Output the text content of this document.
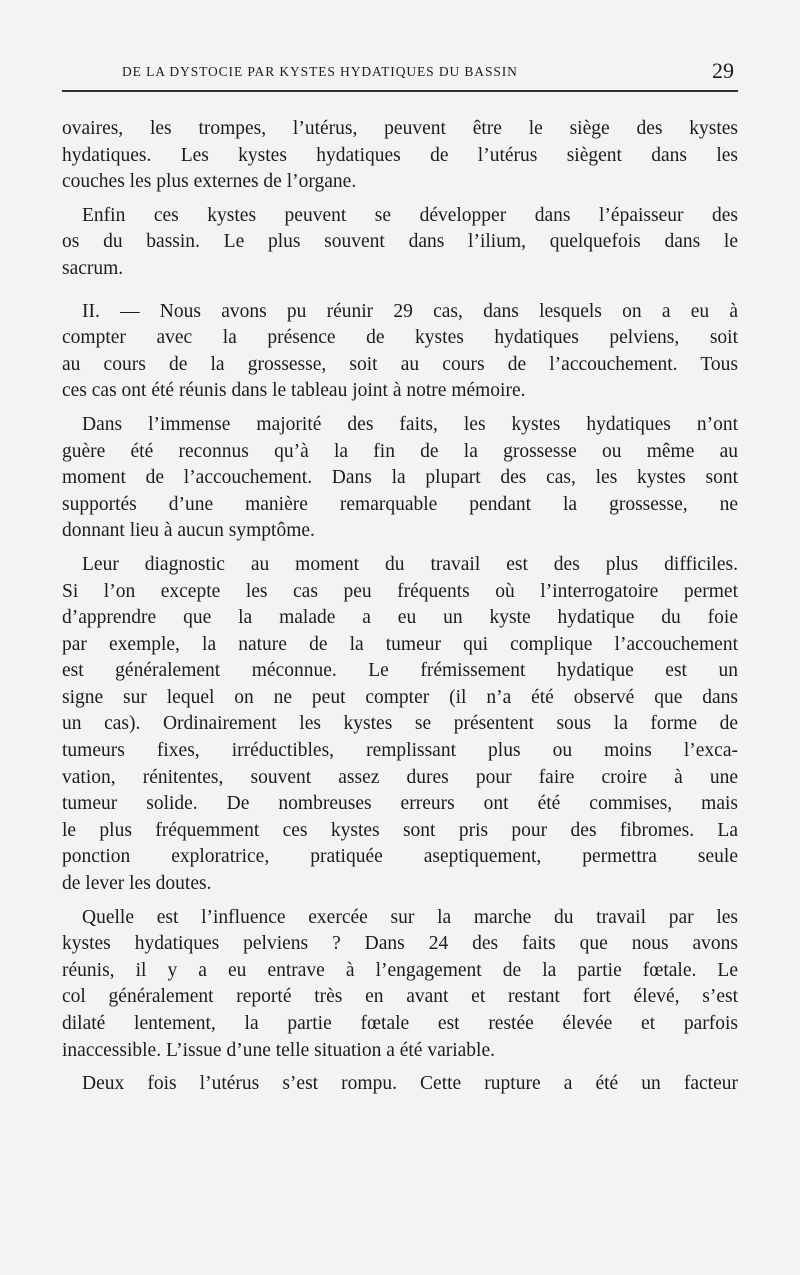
DE LA DYSTOCIE PAR KYSTES HYDATIQUES DU BASSIN	29
ovaires, les trompes, l’utérus, peuvent être le siège des kystes
hydatiques. Les kystes hydatiques de l’utérus siègent dans les
couches les plus externes de l’organe.
Enfin ces kystes peuvent se développer dans l’épaisseur des
os du bassin. Le plus souvent dans l’ilium, quelquefois dans le
sacrum.
II. — Nous avons pu réunir 29 cas, dans lesquels on a eu à
compter avec la présence de kystes hydatiques pelviens, soit
au cours de la grossesse, soit au cours de l’accouchement. Tous
ces cas ont été réunis dans le tableau joint à notre mémoire.
Dans l’immense majorité des faits, les kystes hydatiques n’ont
guère été reconnus qu’à la fin de la grossesse ou même au
moment de l’accouchement. Dans la plupart des cas, les kystes sont
supportés d’une manière remarquable pendant la grossesse, ne
donnant lieu à aucun symptôme.
Leur diagnostic au moment du travail est des plus difficiles.
Si l’on excepte les cas peu fréquents où l’interrogatoire permet
d’apprendre que la malade a eu un kyste hydatique du foie
par exemple, la nature de la tumeur qui complique l’accouchement
est généralement méconnue. Le frémissement hydatique est un
signe sur lequel on ne peut compter (il n’a été observé que dans
un cas). Ordinairement les kystes se présentent sous la forme de
tumeurs fixes, irréductibles, remplissant plus ou moins l’exca-
vation, rénitentes, souvent assez dures pour faire croire à une
tumeur solide. De nombreuses erreurs ont été commises, mais
le plus fréquemment ces kystes sont pris pour des fibromes. La
ponction exploratrice, pratiquée aseptiquement, permettra seule
de lever les doutes.
Quelle est l’influence exercée sur la marche du travail par les
kystes hydatiques pelviens ? Dans 24 des faits que nous avons
réunis, il y a eu entrave à l’engagement de la partie fœtale. Le
col généralement reporté très en avant et restant fort élevé, s’est
dilaté lentement, la partie fœtale est restée élevée et parfois
inaccessible. L’issue d’une telle situation a été variable.
Deux fois l’utérus s’est rompu. Cette rupture a été un facteur
